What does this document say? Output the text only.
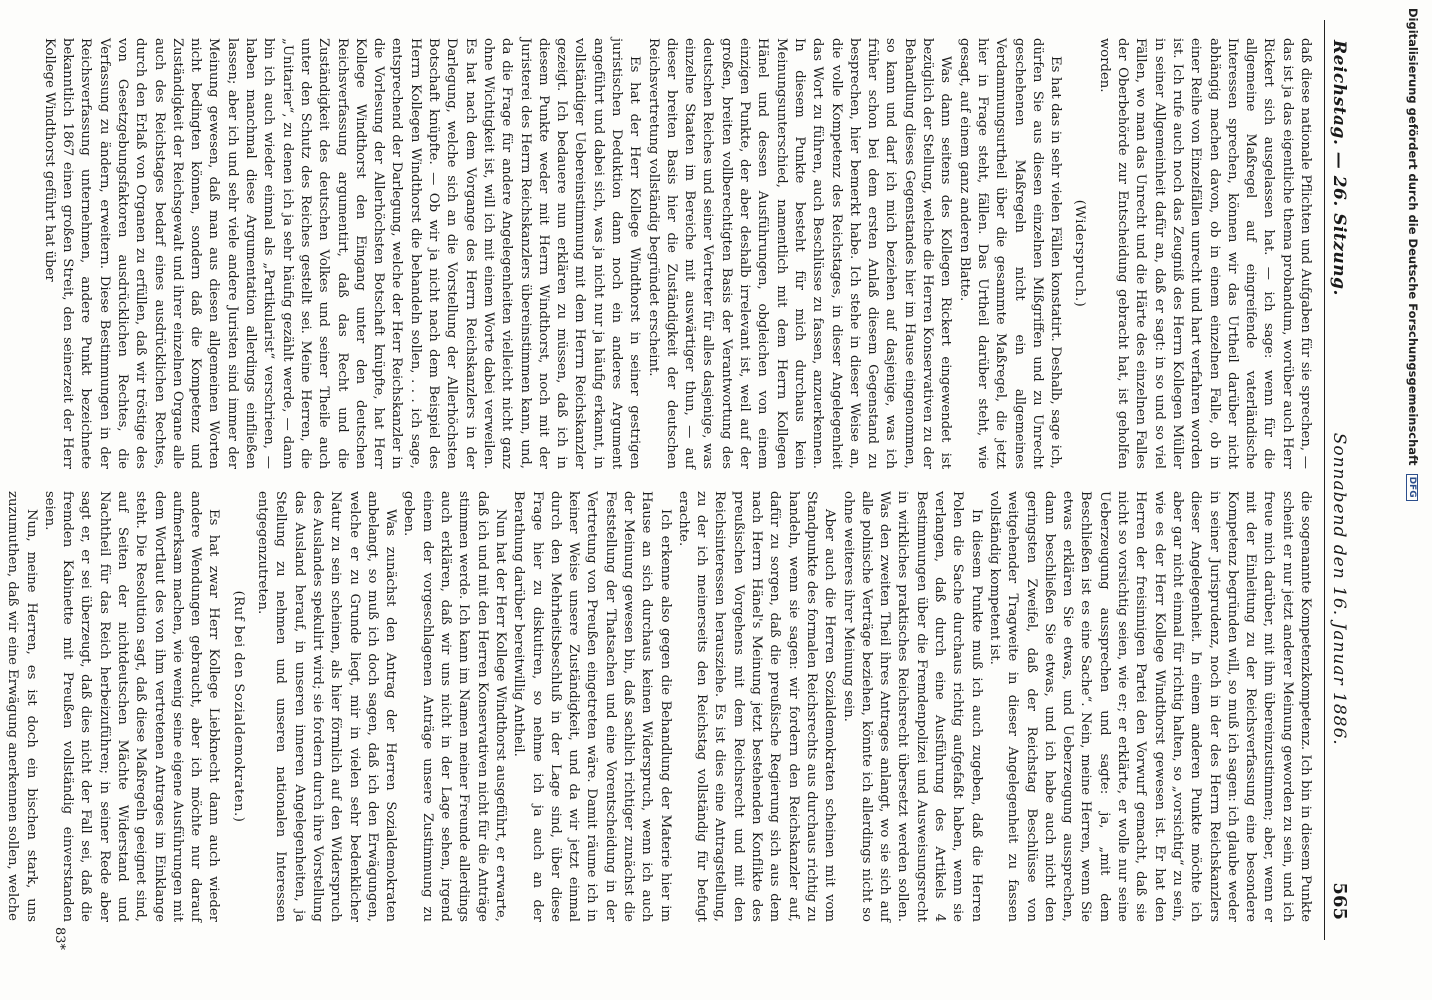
Reichstag. — 26. Sitzung.
Sonnabend den 16. Januar 1886.
565

daß diese nationale Pflichten und Aufgaben für sie sprechen, — das ist ja das eigentliche thema probandum, worüber auch Herr Rickert sich ausgelassen hat. — ich sage: wenn für die allgemeine Maßregel auf eingreifende vaterländische Interessen sprechen, können wir das Urtheil darüber nicht abhängig machen davon, ob in einem einzelnen Falle, ob in einer Reihe von Einzelfällen unrecht und hart verfahren worden ist. Ich rufe auch noch das Zeugniß des Herrn Kollegen Müller in seiner Allgemeinheit dafür an, daß er sagt: in so und so viel Fällen, wo man das Unrecht und die Härte des einzelnen Falles der Oberbehörde zur Entscheidung gebracht hat, ist geholfen worden.

(Widerspruch.)

Es hat das in sehr vielen Fällen konstatirt. Deshalb, sage ich, dürfen Sie aus diesen einzelnen Mißgriffen und zu Unrecht geschehenen Maßregeln nicht ein allgemeines Verdammungsurtheil über die gesammte Maßregel, die jetzt hier in Frage steht, fällen. Das Urtheil darüber steht, wie gesagt, auf einem ganz anderen Blatte.

Was dann seitens des Kollegen Rickert eingewendet ist bezüglich der Stellung, welche die Herren Konservativen zu der Behandlung dieses Gegenstandes hier im Hause eingenommen, so kann und darf ich mich beziehen auf dasjenige, was ich früher schon bei dem ersten Anlaß diesem Gegenstand zu besprechen, hier bemerkt habe. Ich stehe in dieser Weise an, die volle Kompetenz des Reichstages, in dieser Angelegenheit das Wort zu führen, auch Beschlüsse zu fassen, anzuerkennen. In diesem Punkte besteht für mich durchaus kein Meinungsunterschied, namentlich mit dem Herrn Kollegen Hänel und dessen Ausführungen, obgleichen von einem einzigen Punkte, der aber deshalb irrelevant ist, weil auf der großen, breiten vollberechtigten Basis der Verantwortung des deutschen Reiches und seiner Vertreter für alles dasjenige, was einzelne Staaten im Bereiche mit auswärtiger thun, — auf dieser breiten Basis hier die Zuständigkeit der deutschen Reichsvertretung vollständig begründet erscheint.

Es hat der Herr Kollege Windthorst in seiner gestrigen juristischen Deduktion dann noch ein anderes Argument angeführt und dabei sich, was ja nicht nur ja häufig erkannt, in vollständiger Uebereinstimmung mit dem Herrn Reichskanzler gezeigt. Ich bedauere nun erklären zu müssen, daß ich in diesem Punkte weder mit Herrn Windthorst, noch mit der Juristerei des Herrn Reichskanzlers übereinstimmen kann, und, da die Frage für andere Angelegenheiten vielleicht nicht ganz ohne Wichtigkeit ist, will ich mit einem Worte dabei verweilen. Es hat nach dem Vorgange des Herrn Reichskanzlers in der Darlegung, welche sich an die Vorstellung der Allerhöchsten Botschaft knüpfte. — Ob wir ja nicht nach dem Beispiel des Herrn Kollegen Windthorst die behandeln sollen, . . . ich sage, entsprechend der Darlegung, welche der Herr Reichskanzler in die Vorlesung der Allerhöchsten Botschaft knüpfte, hat Herr Kollege Windthorst den Eingang unter den deutschen Reichsverfassung argumentirt, daß das Recht und die Zuständigkeit des deutschen Volkes und seiner Theile auch unter den Schutz des Reiches gestellt sei. Meine Herren, die „Unitarier“, zu denen ich ja sehr häufig gezählt werde, — dann bin ich auch wieder einmal als „Partikularist“ verschrieen, — haben manchmal diese Argumentation allerdings einfließen lassen; aber ich und sehr viele andere Juristen sind immer der Meinung gewesen, daß man aus diesen allgemeinen Worten nicht bedingten können, sondern daß die Kompetenz und Zuständigkeit der Reichsgewalt und ihrer einzelnen Organe alle auch des Reichstages bedarf eines ausdrücklichen Rechtes, durch den Erlaß von Organen zu erfüllen, daß wir tröstige des von Gesetzgebungsfaktoren ausdrücklichen Rechtes, die Verfassung zu ändern, erweitern. Diese Bestimmungen in der Reichsverfassung unternehmen, andere Punkt bezeichnete bekanntlich 1867 einen großen Streit, den seinerzeit der Herr Kollege Windthorst geführt hat über

die sogenannte Kompetenzkompetenz. Ich bin in diesem Punkte scheint er nur jetzt anderer Meinung geworden zu sein, und ich freue mich darüber, mit ihm übereinzustimmen; aber, wenn er mit der Einleitung zu der Reichsverfassung eine besondere Kompetenz begründen will, so muß ich sagen: ich glaube weder in seiner Jurisprudenz, noch in der des Herrn Reichskanzlers dieser Angelegenheit. In einem anderen Punkte möchte ich aber gar nicht einmal für richtig halten, so „vorsichtig“ zu sein, wie es der Herr Kollege Windthorst gewesen ist. Er hat den Herren der freisinnigen Partei den Vorwurf gemacht, daß sie nicht so vorsichtig seien, wie er; er erklärte, er wolle nur seine Ueberzeugung aussprechen und sagte: ja, „mit dem Beschließen ist es eine Sache“. Nein, meine Herren, wenn Sie etwas erklären Sie etwas, und Ueberzeugung aussprechen, dann beschließen Sie etwas, und ich habe auch nicht den geringsten Zweifel, daß der Reichstag Beschlüsse von weitgehender Tragweite in dieser Angelegenheit zu fassen vollständig kompetent ist.

In diesem Punkte muß ich auch zugeben, daß die Herren Polen die Sache durchaus richtig aufgefaßt haben, wenn sie verlangen, daß durch eine Ausführung des Artikels 4 Bestimmungen über die Fremdenpolizei und Ausweisungsrecht in wirkliches praktisches Reichsrecht übersetzt werden sollen. Was den zweiten Theil ihres Antrages anlangt, wo sie sich auf alle polnische Verträge beziehen, könnte ich allerdings nicht so ohne weiteres ihrer Meinung sein.

Aber auch die Herren Sozialdemokraten scheinen mit vom Standpunkte des formalen Reichsrechts aus durchaus richtig zu handeln, wenn sie sagen: wir fordern den Reichskanzler auf, dafür zu sorgen, daß die preußische Regierung sich aus dem nach Herrn Hänel's Meinung jetzt bestehenden Konflikte des preußischen Vorgehens mit dem Reichsrecht und mit den Reichsinteressen herausziehe. Es ist dies eine Antragstellung, zu der ich meinerseits den Reichstag vollständig für befugt erachte.

Ich erkenne also gegen die Behandlung der Materie hier im Hause an sich durchaus keinen Widerspruch, wenn ich auch der Meinung gewesen bin, daß sachlich richtiger zunächst die Feststellung der Thatsachen und eine Vorentscheidung in der Vertretung von Preußen eingetreten wäre. Damit räume ich in keiner Weise unsere Zuständigkeit, und da wir jetzt einmal durch den Mehrheitsbeschluß in der Lage sind, über diese Frage hier zu diskutiren, so nehme ich ja auch an der Berathung darüber bereitwillig Antheil.

Nun hat der Herr Kollege Windthorst ausgeführt, er erwarte, daß ich und mit den Herren Konservativen nicht für die Anträge stimmen werde. Ich kann im Namen meiner Freunde allerdings auch erklären, daß wir uns nicht in der Lage sehen, irgend einem der vorgeschlagenen Anträge unsere Zustimmung zu geben.

Was zunächst den Antrag der Herren Sozialdemokraten anbelangt, so muß ich doch sagen, daß ich den Erwägungen, welche er zu Grunde liegt, mir in vielen sehr bedenklicher Natur zu sein scheinen, als hier förmlich auf den Widerspruch des Auslandes spekulirt wird; sie fordern durch ihre Vorstellung das Ausland herauf, in unseren inneren Angelegenheiten, ja Stellung zu nehmen und unseren nationalen Interessen entgegenzutreten.

(Ruf bei den Sozialdemokraten.)

Es hat zwar Herr Kollege Liebknecht dann auch wieder andere Wendungen gebraucht, aber ich möchte nur darauf aufmerksam machen, wie wenig seine eigene Ausführungen mit dem Wortlaut des von ihm vertretenen Antrages im Einklange steht. Die Resolution sagt, daß diese Maßregeln geeignet sind, auf Seiten der nichtdeutschen Mächte Widerstand und Nachtheil für das Reich herbeizuführen; in seiner Rede aber sagt er, er sei überzeugt, daß dies nicht der Fall sei, daß die fremden Kabinette mit Preußen vollständig einverstanden seien.

Nun, meine Herren, es ist doch ein bischen stark, uns zuzumuthen, daß wir eine Erwägung anerkennen sollen, welche

83*
Digitalisierung gefördert durch die Deutsche Forschungsgemeinschaft DFG
